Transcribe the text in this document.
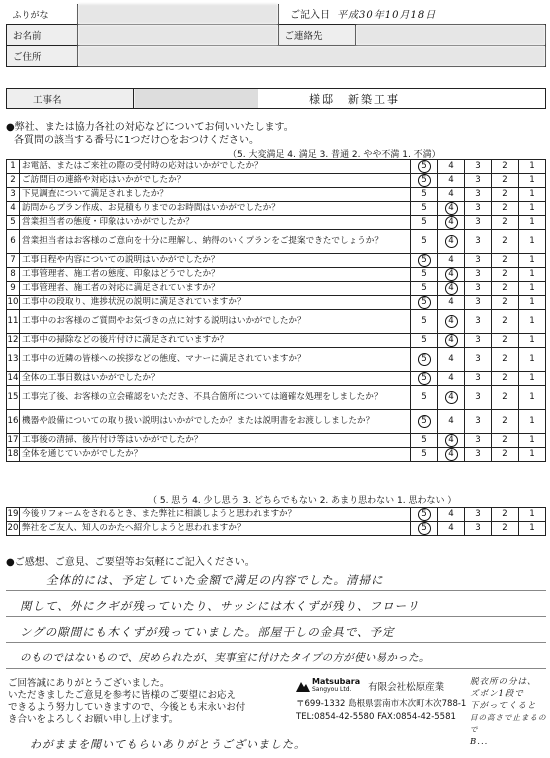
ご記入日 平成30年10月18日
ふりがな			
お名前		ご連絡先	
ご住所			
工事名	様邸　新築工事
●弊社、または協力各社の対応などについてお伺いいたします。
各質問の該当する番号に1つだけ○をおつけください。
（5. 大変満足 4. 満足 3. 普通 2. やや不満 1. 不満）
1	お電話、またはご来社の際の受付時の応対はいかがでしたか？	5	4	3	2	1
2	ご訪問日の連絡や対応はいかがでしたか？	5	4	3	2	1
3	下見調査について満足されましたか？	5	4	3	2	1
4	訪問からプラン作成、お見積もりまでのお時間はいかがでしたか？	5	4	3	2	1
5	営業担当者の態度・印象はいかがでしたか？	5	4	3	2	1
6	営業担当者はお客様のご意向を十分に理解し、納得のいくプランをご提案できたでしょうか？	5	4	3	2	1
7	工事日程や内容についての説明はいかがでしたか？	5	4	3	2	1
8	工事管理者、施工者の態度、印象はどうでしたか？	5	4	3	2	1
9	工事管理者、施工者の対応に満足されていますか？	5	4	3	2	1
10	工事中の段取り、進捗状況の説明に満足されていますか？	5	4	3	2	1
11	工事中のお客様のご質問やお気づきの点に対する説明はいかがでしたか？	5	4	3	2	1
12	工事中の掃除などの後片付けに満足されていますか？	5	4	3	2	1
13	工事中の近隣の皆様への挨拶などの態度、マナーに満足されていますか？	5	4	3	2	1
14	全体の工事日数はいかがでしたか？	5	4	3	2	1
15	工事完了後、お客様の立会確認をいただき、不具合箇所については適確な処理をしましたか？	5	4	3	2	1
16	機器や設備についての取り扱い説明はいかがでしたか？または説明書をお渡ししましたか？	5	4	3	2	1
17	工事後の清掃、後片付け等はいかがでしたか？	5	4	3	2	1
18	全体を通じていかがでしたか？	5	4	3	2	1
（ 5. 思う 4. 少し思う 3. どちらでもない 2. あまり思わない 1. 思わない ）
19	今後リフォームをされるとき、また弊社に相談しようと思われますか？	5	4	3	2	1
20	弊社をご友人、知人のかたへ紹介しようと思われますか？	5	4	3	2	1
●ご感想、ご意見、ご要望等お気軽にご記入ください。
全体的には、予定していた金額で満足の内容でした。清掃に
関して、外にクギが残っていたり、サッシには木くずが残り、フローリ
ングの隙間にも木くずが残っていました。部屋干しの金具で、予定
のものではないもので、戻められたが、実事室に付けたタイプの方が使い易かった。
ご回答誠にありがとうございました。
いただきましたご意見を参考に皆様のご要望にお応え
できるよう努力していきますので、今後とも末永いお付
き合いをよろしくお願い申し上げます。
わがままを聞いてもらいありがとうございました。
Matsubara
Sangyou Ltd.	有限会社松原産業
〒699-1332 島根県雲南市木次町木次788-1
TEL:0854-42-5580 FAX:0854-42-5581
脱衣所の分は、
ズボン1段で
下がってくると
目の高さで止まるので
B...
